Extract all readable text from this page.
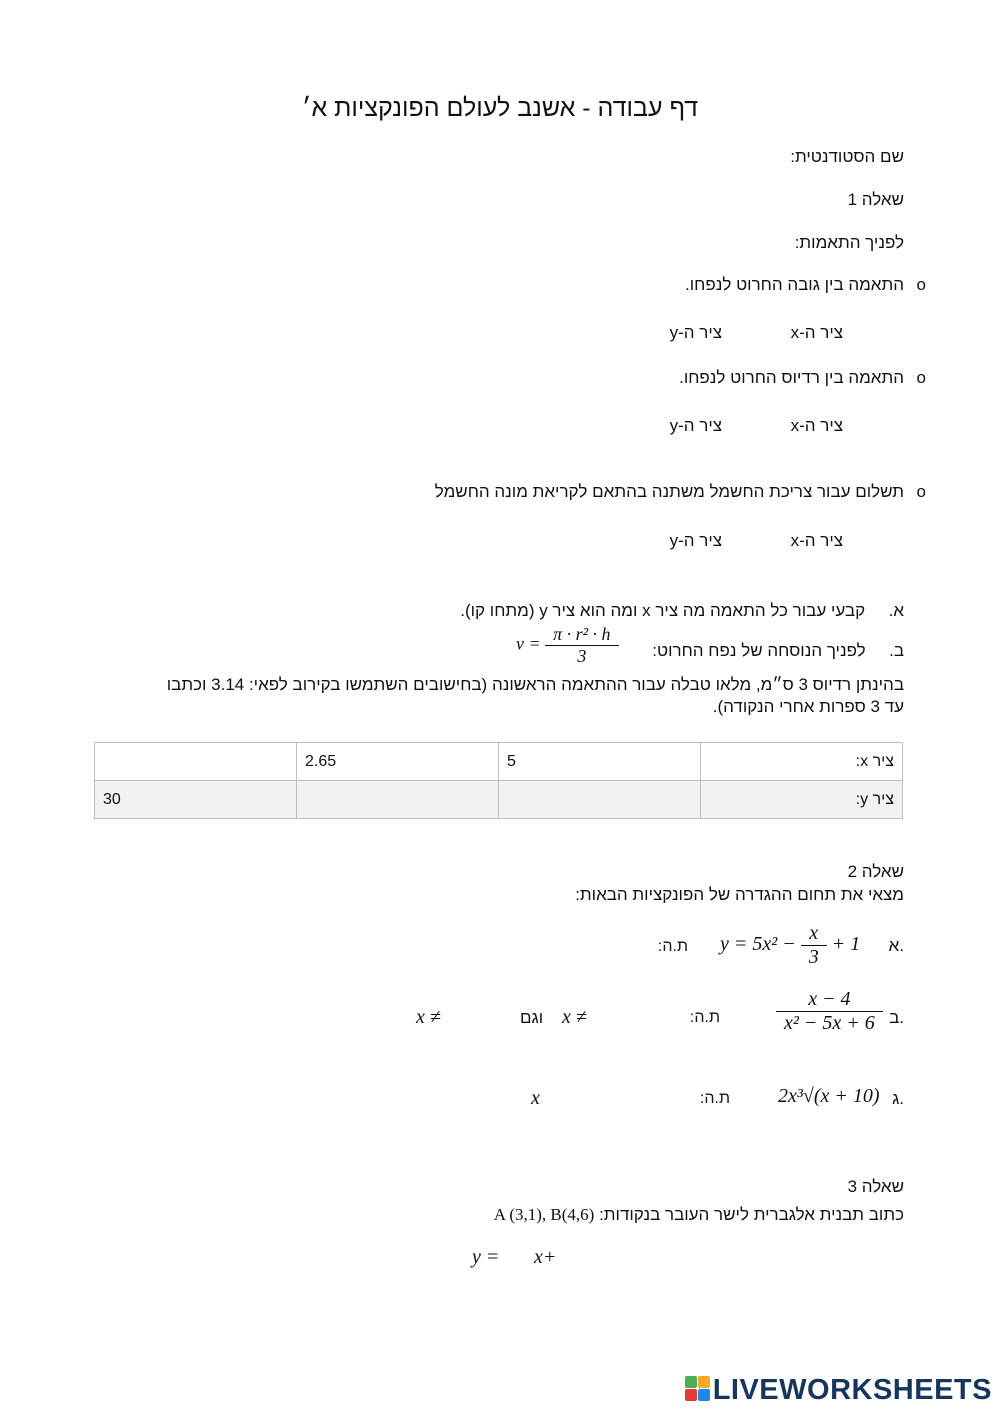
דף עבודה - אשנב לעולם הפונקציות א׳
שם הסטודנטית:
שאלה 1
לפניך התאמות:
o
התאמה בין גובה החרוט לנפחו.
ציר ה-x
ציר ה-y
o
התאמה בין רדיוס החרוט לנפחו.
ציר ה-x
ציר ה-y
o
תשלום עבור צריכת החשמל משתנה בהתאם לקריאת מונה החשמל
ציר ה-x
ציר ה-y
א.  קבעי עבור כל התאמה מה ציר x ומה הוא ציר y (מתחו קו).
ב.  לפניך הנוסחה של נפח החרוט:
$v = \frac{\text{π · r² · h}}{3}$
בהינתן רדיוס 3 ס״מ, מלאו טבלה עבור ההתאמה הראשונה (בחישובים השתמשו בקירוב לפאי: 3.14 וכתבו
עד 3 ספרות אחרי הנקודה).
ציר x:	5	2.65	
ציר y:			30
שאלה 2
מצאי את תחום ההגדרה של הפונקציות הבאות:
א.
$y = 5x^2 - \frac{x}{3} + 1$
ת.ה:
ב.
$\frac{x - 4}{\text{x² − 5x + 6}}$
ת.ה:
x ≠
וגם
x ≠
ג.
2x³√(x + 10)
ת.ה:
x
שאלה 3
כתוב תבנית אלגברית לישר העובר בנקודות: A (3,1), B(4,6)
y = x+
LIVEWORKSHEETS
